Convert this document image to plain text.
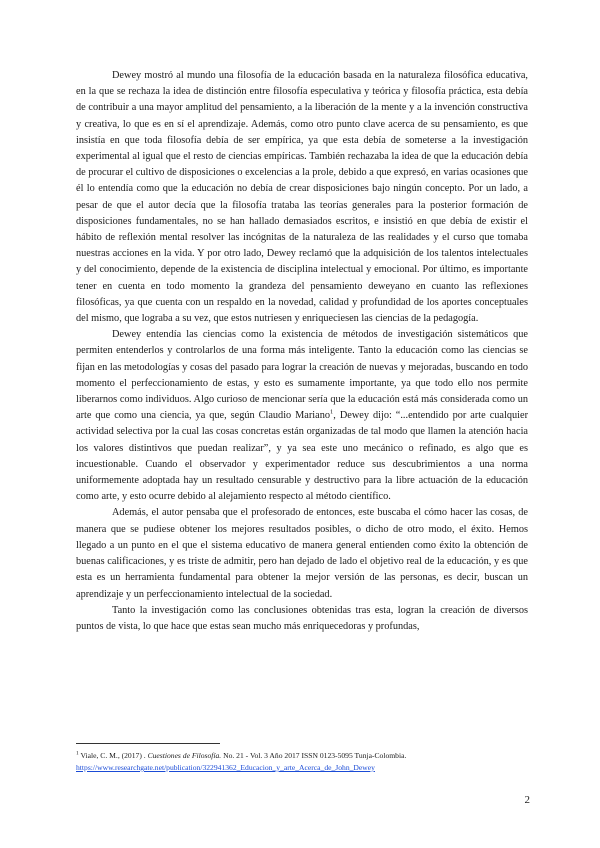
Dewey mostró al mundo una filosofía de la educación basada en la naturaleza filosófica educativa, en la que se rechaza la idea de distinción entre filosofía especulativa y teórica y filosofía práctica, esta debía de contribuir a una mayor amplitud del pensamiento, a la liberación de la mente y a la invención constructiva y creativa, lo que es en sí el aprendizaje. Además, como otro punto clave acerca de su pensamiento, es que insistía en que toda filosofía debía de ser empírica, ya que esta debía de someterse a la investigación experimental al igual que el resto de ciencias empíricas. También rechazaba la idea de que la educación debía de procurar el cultivo de disposiciones o excelencias a la prole, debido a que expresó, en varias ocasiones que él lo entendía como que la educación no debía de crear disposiciones bajo ningún concepto. Por un lado, a pesar de que el autor decía que la filosofía trataba las teorías generales para la posterior formación de disposiciones fundamentales, no se han hallado demasiados escritos, e insistió en que debía de existir el hábito de reflexión mental resolver las incógnitas de la naturaleza de las realidades y el curso que tomaba nuestras acciones en la vida. Y por otro lado, Dewey reclamó que la adquisición de los talentos intelectuales y del conocimiento, depende de la existencia de disciplina intelectual y emocional. Por último, es importante tener en cuenta en todo momento la grandeza del pensamiento deweyano en cuanto las reflexiones filosóficas, ya que cuenta con un respaldo en la novedad, calidad y profundidad de los aportes conceptuales del mismo, que lograba a su vez, que estos nutriesen y enriqueciesen las ciencias de la pedagogía.

Dewey entendía las ciencias como la existencia de métodos de investigación sistemáticos que permiten entenderlos y controlarlos de una forma más inteligente. Tanto la educación como las ciencias se fijan en las metodologías y cosas del pasado para lograr la creación de nuevas y mejoradas, buscando en todo momento el perfeccionamiento de estas, y esto es sumamente importante, ya que todo ello nos permite liberarnos como individuos. Algo curioso de mencionar sería que la educación está más considerada como un arte que como una ciencia, ya que, según Claudio Mariano$^1$, Dewey dijo: “...entendido por arte cualquier actividad selectiva por la cual las cosas concretas están organizadas de tal modo que llamen la atención hacia los valores distintivos que puedan realizar”, y ya sea este uno mecánico o refinado, es algo que es incuestionable. Cuando el observador y experimentador reduce sus descubrimientos a una norma uniformemente adoptada hay un resultado censurable y destructivo para la libre actuación de la educación como arte, y esto ocurre debido al alejamiento respecto al método científico.

Además, el autor pensaba que el profesorado de entonces, este buscaba el cómo hacer las cosas, de manera que se pudiese obtener los mejores resultados posibles, o dicho de otro modo, el éxito. Hemos llegado a un punto en el que el sistema educativo de manera general entienden como éxito la obtención de buenas calificaciones, y es triste de admitir, pero han dejado de lado el objetivo real de la educación, y es que esta es un herramienta fundamental para obtener la mejor versión de las personas, es decir, buscan un aprendizaje y un perfeccionamiento intelectual de la sociedad.

Tanto la investigación como las conclusiones obtenidas tras esta, logran la creación de diversos puntos de vista, lo que hace que estas sean mucho más enriquecedoras y profundas,

$^1$ Viale, C. M., (2017) . Cuestiones de Filosofía. No. 21 - Vol. 3 Año 2017 ISSN 0123-5095 Tunja-Colombia.
https://www.researchgate.net/publication/322941362_Educacion_y_arte_Acerca_de_John_Dewey
2
